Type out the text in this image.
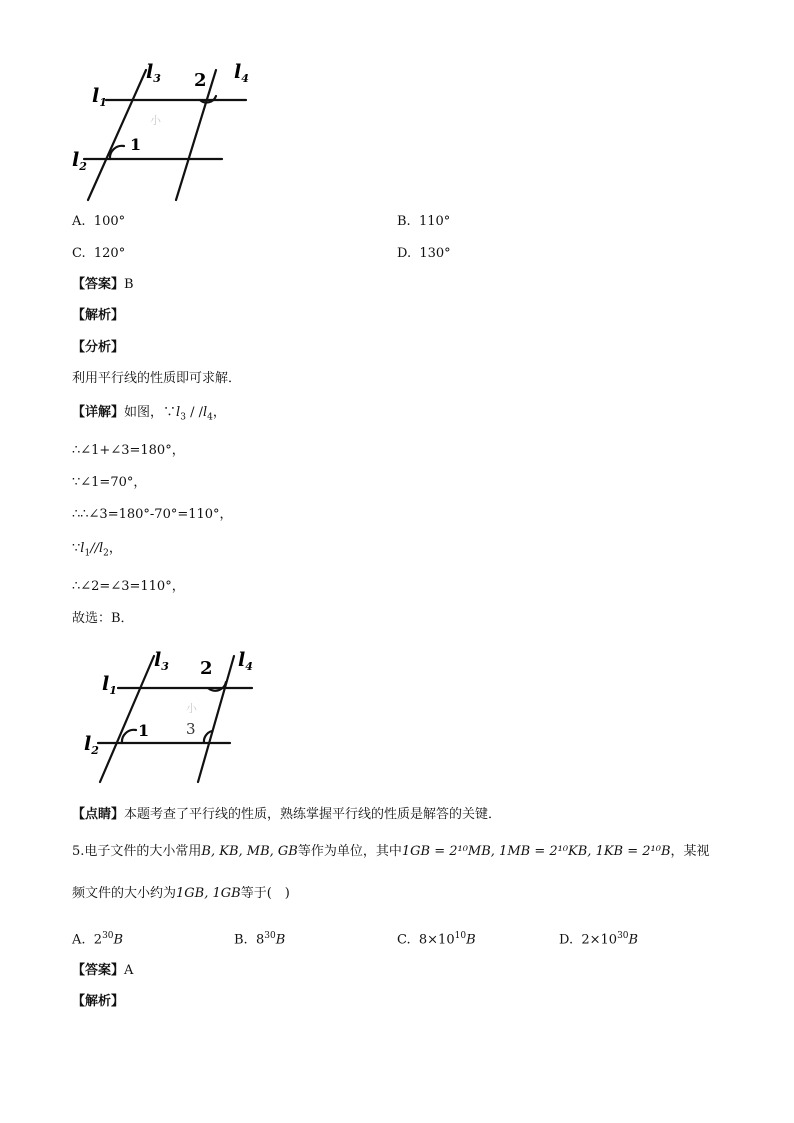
$l_1$
$l_2$
$l_3$	$l_4$
1
2
小
A. 100°	B. 110°
C. 120°	D. 130°
【答案】B
【解析】
【分析】
利用平行线的性质即可求解．
【详解】如图，$\because l_3 / /l_4$，
∴∠1+∠3=180°，
∵∠1=70°，
∴∴∠3=180°-70°=110°，
$\because l_1//l_2$，
∴∠2=∠3=110°，
故选：B．
$l_1$
$l_2$
$l_3$	$l_4$
1
2
3
小
【点睛】本题考查了平行线的性质，熟练掌握平行线的性质是解答的关键．
5.电子文件的大小常用B, KB, MB, GB等作为单位，其中1GB = 2¹⁰MB, 1MB = 2¹⁰KB, 1KB = 2¹⁰B，某视
频文件的大小约为1GB, 1GB等于(　)
A. $2^{30}B$	B. $8^{30}B$	C. $8\times 10^{10}B$	D. $2\times 10^{30}B$
【答案】A
【解析】
